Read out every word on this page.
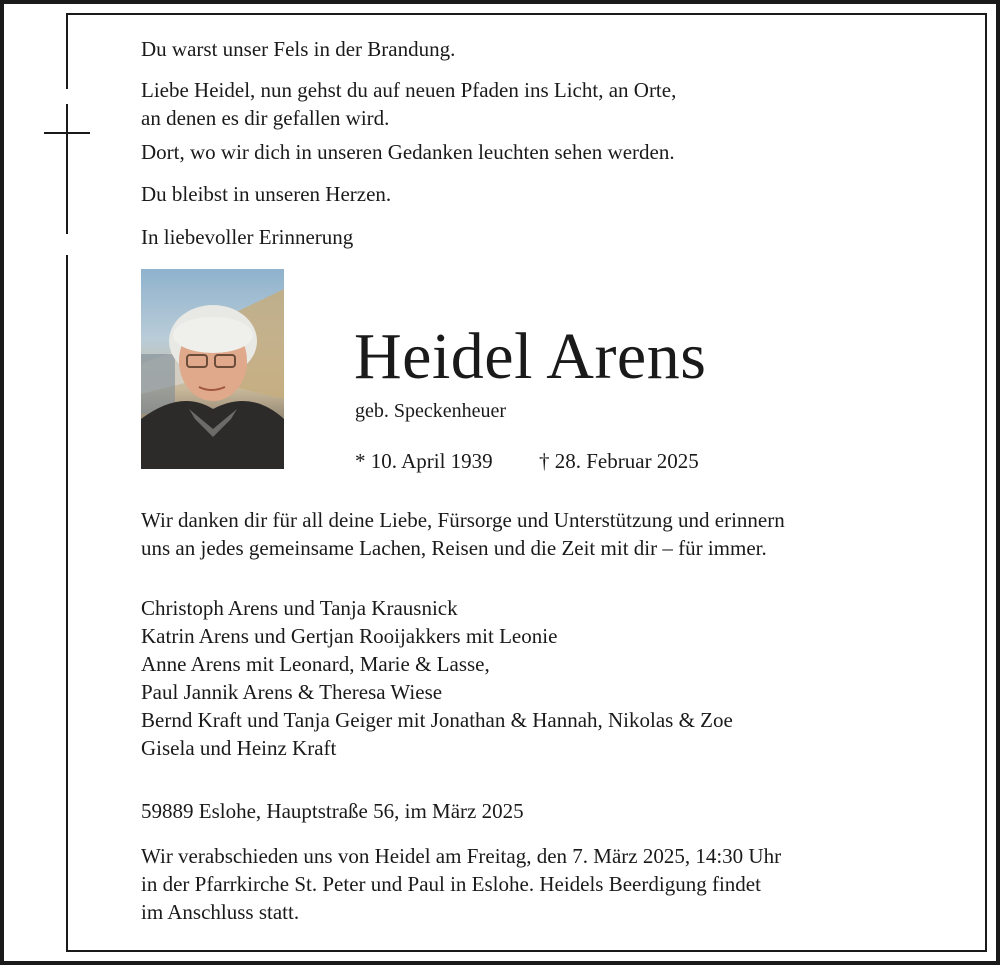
Du warst unser Fels in der Brandung.

Liebe Heidel, nun gehst du auf neuen Pfaden ins Licht, an Orte,

an denen es dir gefallen wird.

Dort, wo wir dich in unseren Gedanken leuchten sehen werden.

Du bleibst in unseren Herzen.

In liebevoller Erinnerung

Heidel Arens

geb. Speckenheuer

* 10. April 1939 † 28. Februar 2025

Wir danken dir für all deine Liebe, Fürsorge und Unterstützung und erinnern

uns an jedes gemeinsame Lachen, Reisen und die Zeit mit dir – für immer.

Christoph Arens und Tanja Krausnick

Katrin Arens und Gertjan Rooijakkers mit Leonie

Anne Arens mit Leonard, Marie & Lasse,

Paul Jannik Arens & Theresa Wiese

Bernd Kraft und Tanja Geiger mit Jonathan & Hannah, Nikolas & Zoe

Gisela und Heinz Kraft

59889 Eslohe, Hauptstraße 56, im März 2025

Wir verabschieden uns von Heidel am Freitag, den 7. März 2025, 14:30 Uhr

in der Pfarrkirche St. Peter und Paul in Eslohe. Heidels Beerdigung findet

im Anschluss statt.
